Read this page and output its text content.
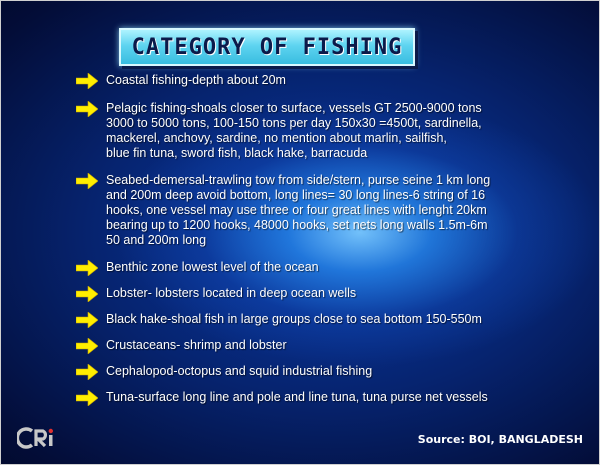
CATEGORY OF FISHING
Coastal fishing-depth about 20m
Pelagic fishing-shoals closer to surface, vessels GT 2500-9000 tons
3000 to 5000 tons, 100-150 tons per day 150x30 =4500t, sardinella,
mackerel, anchovy, sardine, no mention about marlin, sailfish,
blue fin tuna, sword fish, black hake, barracuda
Seabed-demersal-trawling tow from side/stern, purse seine 1 km long
and 200m deep avoid bottom, long lines= 30 long lines-6 string of 16
hooks, one vessel may use three or four great lines with lenght 20km
bearing up to 1200 hooks, 48000 hooks, set nets long walls 1.5m-6m
50 and 200m long
Benthic zone lowest level of the ocean
Lobster- lobsters located in deep ocean wells
Black hake-shoal fish in large groups close to sea bottom 150-550m
Crustaceans- shrimp and lobster
Cephalopod-octopus and squid industrial fishing
Tuna-surface long line and pole and line tuna, tuna purse net vessels
Source: BOI, BANGLADESH
